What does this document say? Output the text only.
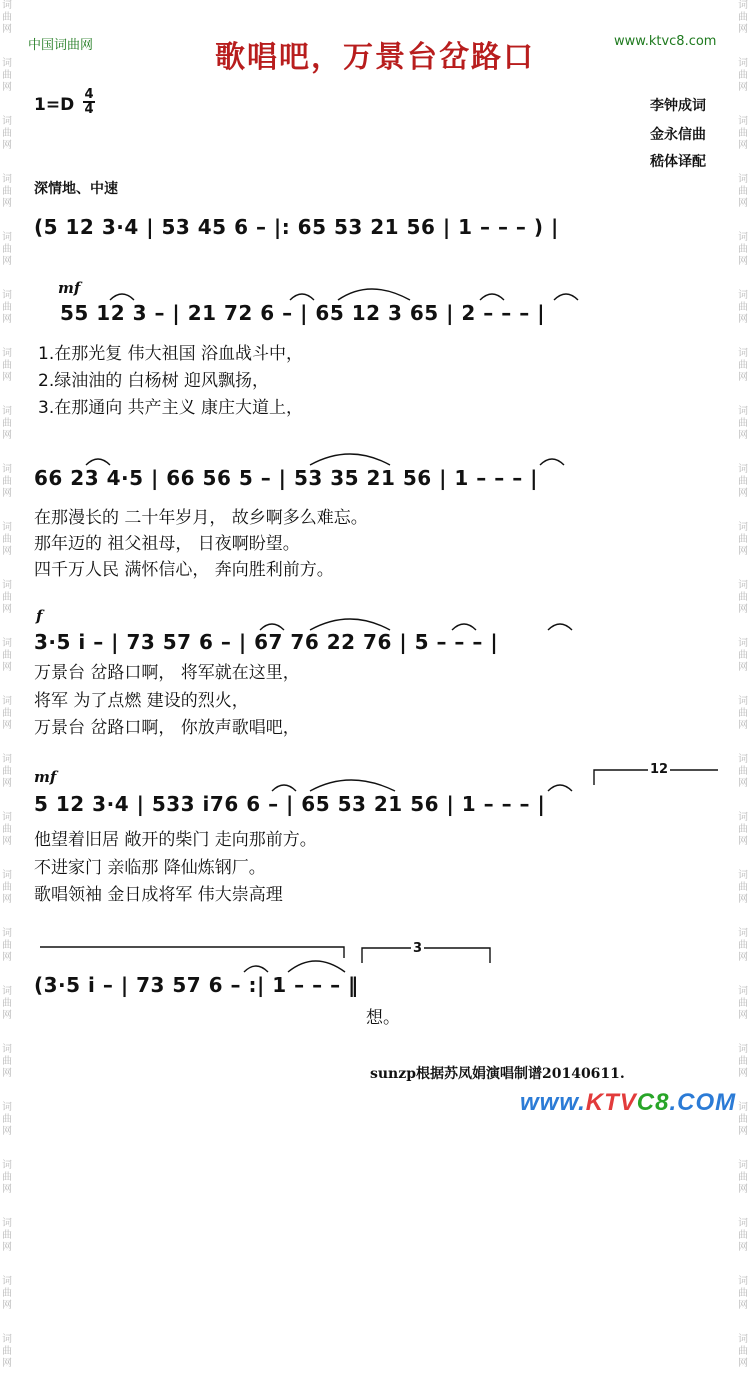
词
曲
网
词
曲
网
词
曲
网
词
曲
网
词
曲
网
词
曲
网
词
曲
网
词
曲
网
词
曲
网
词
曲
网
词
曲
网
词
曲
网
词
曲
网
词
曲
网
词
曲
网
词
曲
网
词
曲
网
词
曲
网
词
曲
网
词
曲
网
词
曲
网
词
曲
网
词
曲
网
词
曲
网
词
曲
网
词
曲
网
词
曲
网
词
曲
网
词
曲
网
词
曲
网
词
曲
网
词
曲
网
词
曲
网
词
曲
网
词
曲
网
词
曲
网
词
曲
网
词
曲
网
词
曲
网
词
曲
网
词
曲
网
词
曲
网
词
曲
网
词
曲
网
词
曲
网
词
曲
网
词
曲
网
词
曲
网
中国词曲网	歌唱吧，万景台岔路口	www.ktvc8.com
1=D
4
4	李钟成词
金永信曲
嵇体译配
深情地、中速
(5 12 3·4 | 53 45 6 – |: 65 53 21 56 | 1 – – – ) |
mf
55 12 3 – | 21 72 6 – | 65 12 3 65 | 2 – – – |
1.在那光复 伟大祖国 浴血战斗中，
2.绿油油的 白杨树 迎风飘扬，
3.在那通向 共产主义 康庄大道上，
66 23 4·5 | 66 56 5 – | 53 35 21 56 | 1 – – – |
在那漫长的 二十年岁月， 故乡啊多么难忘。
那年迈的 祖父祖母， 日夜啊盼望。
四千万人民 满怀信心， 奔向胜利前方。
f
3·5 i – | 73 57 6 – | 67 76 22 76 | 5 – – – |
万景台 岔路口啊， 将军就在这里，
将军 为了点燃 建设的烈火，
万景台 岔路口啊， 你放声歌唱吧，
mf	12
5 12 3·4 | 533 i76 6 – | 65 53 21 56 | 1 – – – |
他望着旧居 敞开的柴门 走向那前方。
不进家门 亲临那 降仙炼钢厂。
歌唱领袖 金日成将军 伟大崇高理
3
(3·5 i – | 73 57 6 – :| 1 – – – ‖
想。
sunzp根据苏凤娟演唱制谱20140611.
www.KTVC8.COM
